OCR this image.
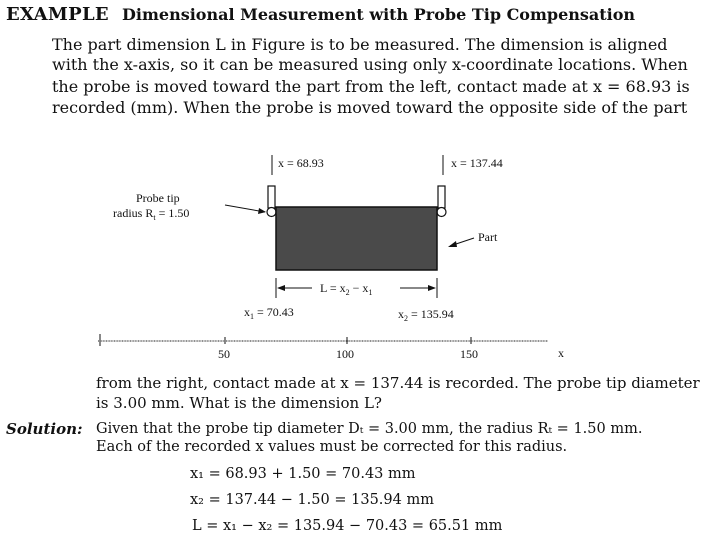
EXAMPLE Dimensional Measurement with Probe Tip Compensation
The part dimension L in Figure is to be measured. The dimension is aligned
with the x-axis, so it can be measured using only x-coordinate locations. When
the probe is moved toward the part from the left, contact made at x = 68.93 is
recorded (mm). When the probe is moved toward the opposite side of the part
x = 68.93	x = 137.44
Probe tip
radius $R_t = 1.50$
Part
$L = x_2 - x_1$
$x_1 = 70.43$	$x_2 = 135.94$
50	100	150	x
from the right, contact made at x = 137.44 is recorded. The probe tip diameter
is 3.00 mm. What is the dimension L?
Solution: Given that the probe tip diameter Dₜ = 3.00 mm, the radius Rₜ = 1.50 mm.
Each of the recorded x values must be corrected for this radius.
x₁ = 68.93 + 1.50 = 70.43 mm
x₂ = 137.44 − 1.50 = 135.94 mm
L = x₁ − x₂ = 135.94 − 70.43 = 65.51 mm
